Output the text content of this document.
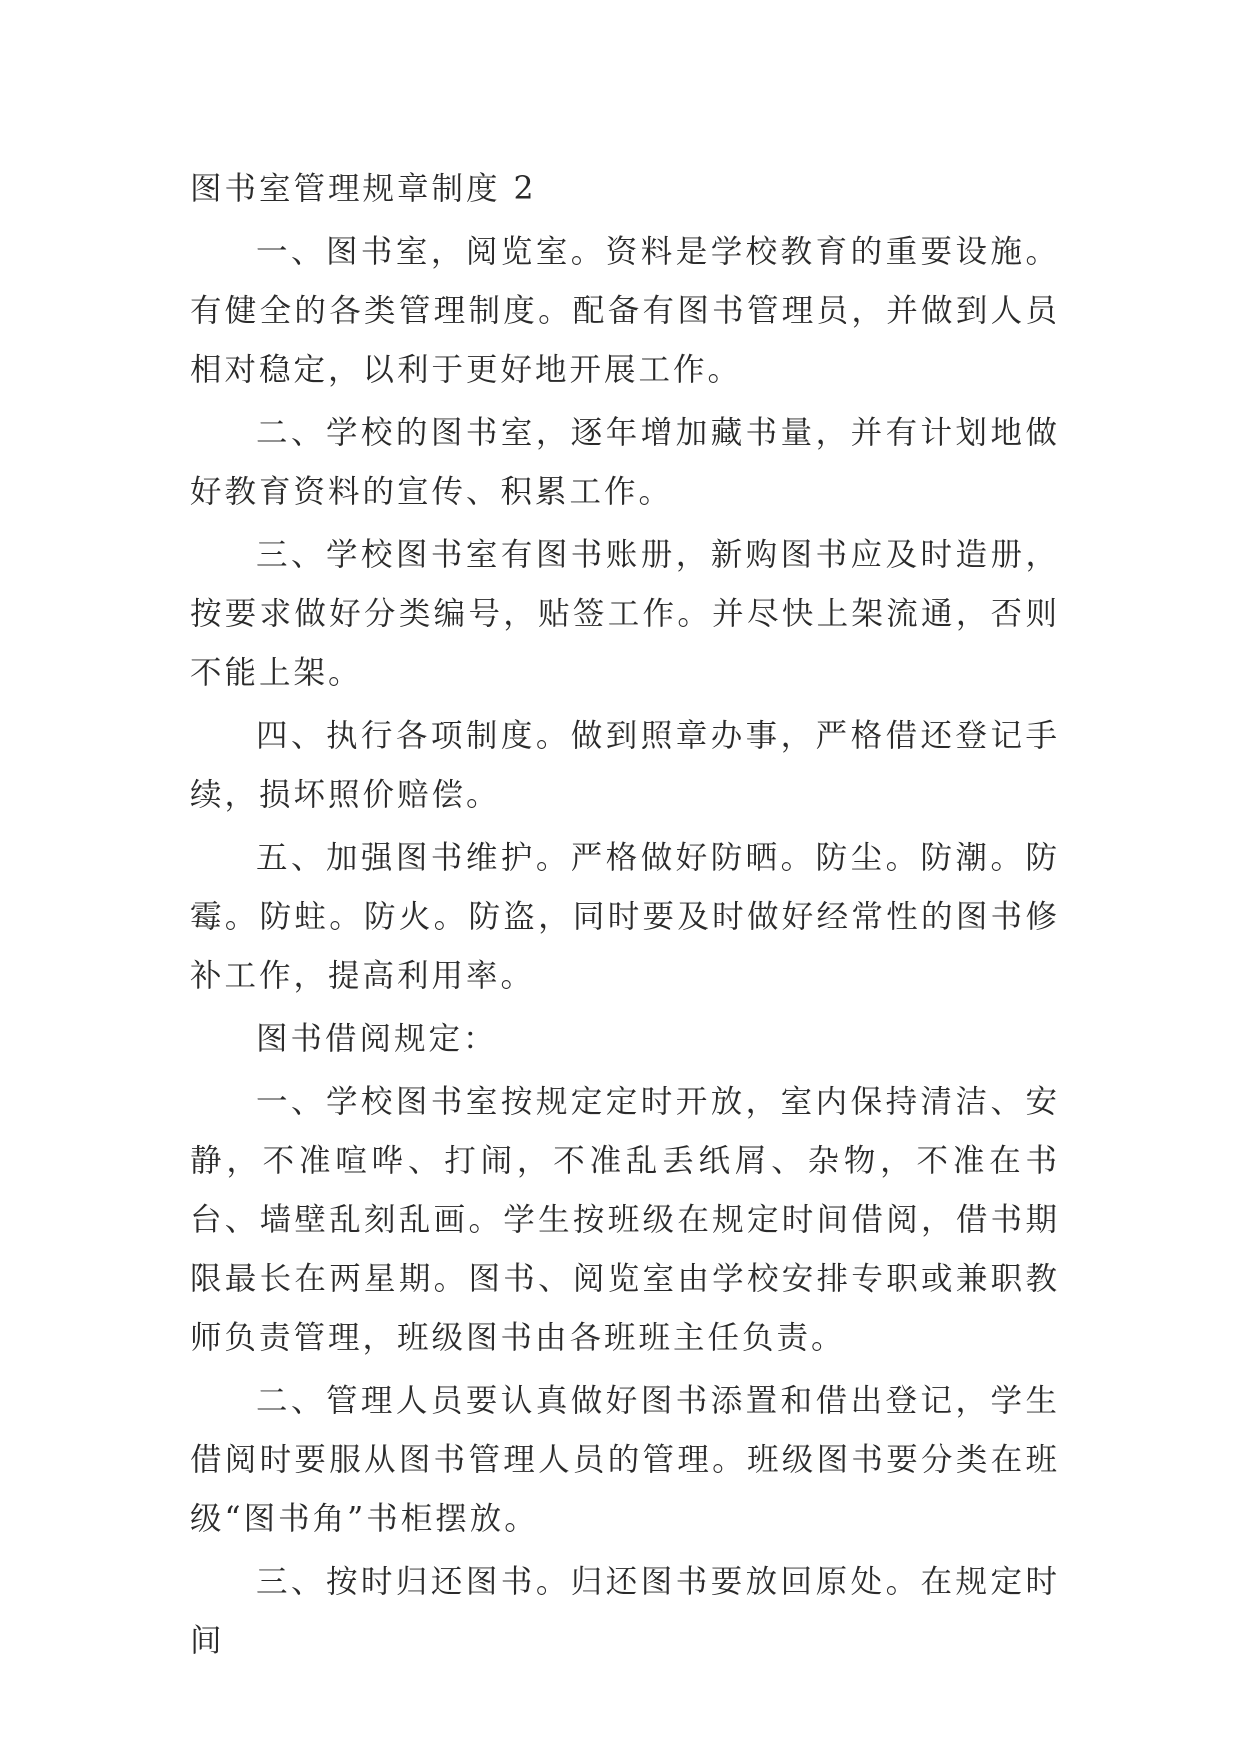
图书室管理规章制度 2

一、图书室，阅览室。资料是学校教育的重要设施。有健全的各类管理制度。配备有图书管理员，并做到人员相对稳定，以利于更好地开展工作。

二、学校的图书室，逐年增加藏书量，并有计划地做好教育资料的宣传、积累工作。

三、学校图书室有图书账册，新购图书应及时造册，按要求做好分类编号，贴签工作。并尽快上架流通，否则不能上架。

四、执行各项制度。做到照章办事，严格借还登记手续，损坏照价赔偿。

五、加强图书维护。严格做好防晒。防尘。防潮。防霉。防蛀。防火。防盗，同时要及时做好经常性的图书修补工作，提高利用率。

图书借阅规定：

一、学校图书室按规定定时开放，室内保持清洁、安静，不准喧哗、打闹，不准乱丢纸屑、杂物，不准在书台、墙壁乱刻乱画。学生按班级在规定时间借阅，借书期限最长在两星期。图书、阅览室由学校安排专职或兼职教师负责管理，班级图书由各班班主任负责。

二、管理人员要认真做好图书添置和借出登记，学生借阅时要服从图书管理人员的管理。班级图书要分类在班级“图书角”书柜摆放。

三、按时归还图书。归还图书要放回原处。在规定时间
